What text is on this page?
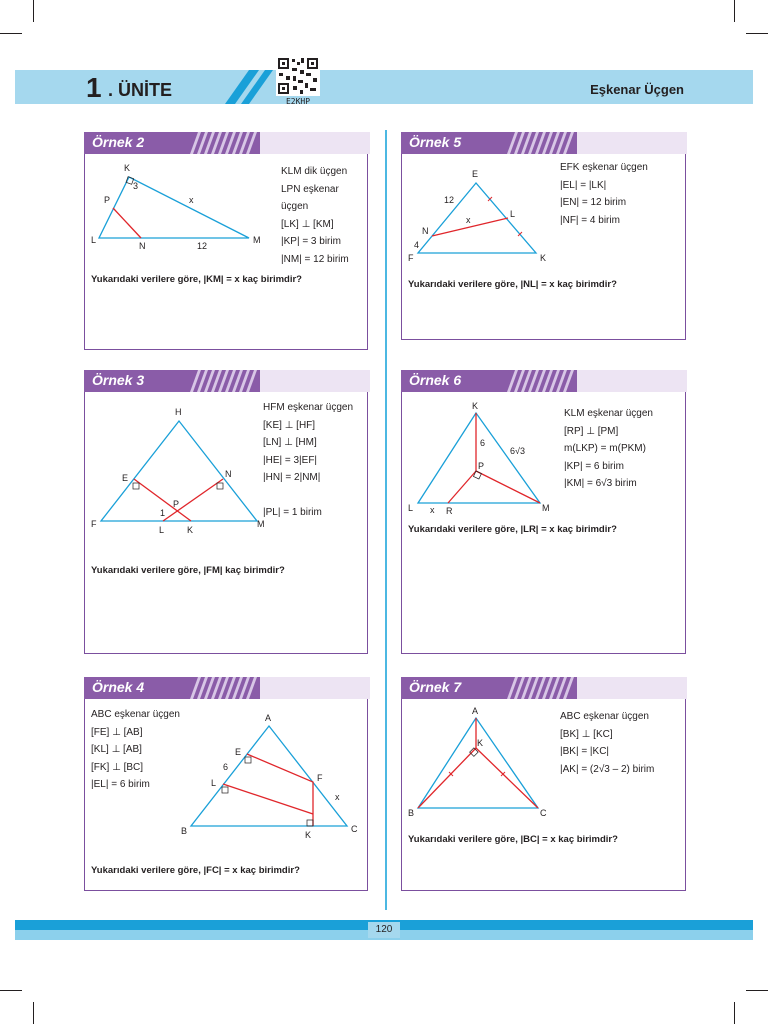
1 . ÜNİTE	Eşkenar Üçgen
E2KHP
Örnek 2
K
L	M
P
N
3
x
12
KLM dik üçgen
LPN eşkenar
üçgen
[LK] ⊥ [KM]
|KP| = 3 birim
|NM| = 12 birim
Yukarıdaki verilere göre, |KM| = x kaç birimdir?
Örnek 3
H
E	N
P
F
L	K
M
1
HFM eşkenar üçgen
[KE] ⊥ [HF]
[LN] ⊥ [HM]
|HE| = 3|EF|
|HN| = 2|NM|

|PL| = 1 birim
Yukarıdaki verilere göre, |FM| kaç birimdir?
Örnek 4
A
E
F
L
B	K
C
6
x
ABC eşkenar üçgen
[FE] ⊥ [AB]
[KL] ⊥ [AB]
[FK] ⊥ [BC]
|EL| = 6 birim
Yukarıdaki verilere göre, |FC| = x kaç birimdir?
Örnek 5
E
L
N
F	K
12
x
4
EFK eşkenar üçgen
|EL| = |LK|
|EN| = 12 birim
|NF| = 4 birim
Yukarıdaki verilere göre, |NL| = x kaç birimdir?
Örnek 6
K
P
L	R	M
6
6√3
x
KLM eşkenar üçgen
[RP] ⊥ [PM]
m(LKP) = m(PKM)
|KP| = 6 birim
|KM| = 6√3 birim
Yukarıdaki verilere göre, |LR| = x kaç birimdir?
Örnek 7
A
K
B	C
ABC eşkenar üçgen
[BK] ⊥ [KC]
|BK| = |KC|
|AK| = (2√3 – 2) birim
Yukarıdaki verilere göre, |BC| = x kaç birimdir?
120
